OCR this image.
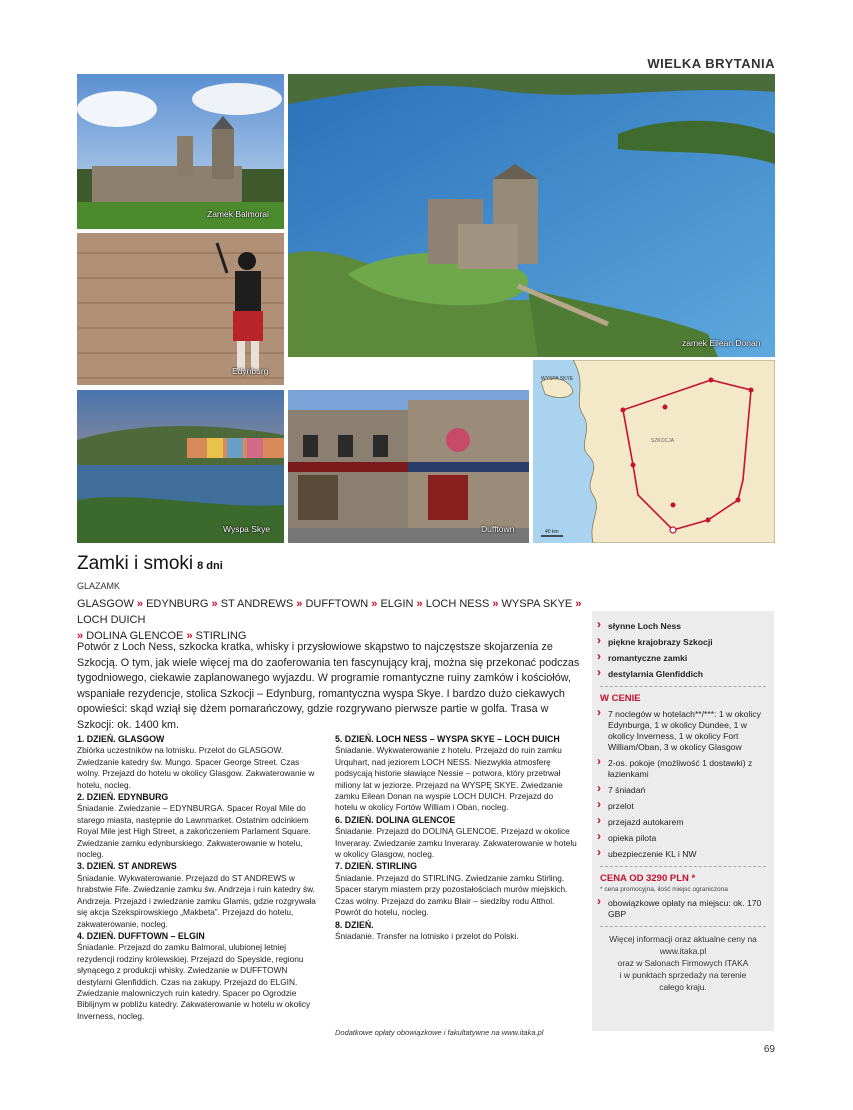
WIELKA BRYTANIA
Zamek Balmoral
zamek Eilean Donan
Edynburg
Wyspa Skye	Dufftown
WYSPA SKYE
SZKOCJA
40 km
Zamki i smoki 8 dni
GLAZAMK
GLASGOW » EDYNBURG » ST ANDREWS » DUFFTOWN » ELGIN » LOCH NESS » WYSPA SKYE » LOCH DUICH
» DOLINA GLENCOE » STIRLING
Potwór z Loch Ness, szkocka kratka, whisky i przysłowiowe skąpstwo to najczęstsze skojarzenia ze Szkocją. O tym, jak wiele więcej ma do zaoferowania ten fascynujący kraj, można się przekonać podczas tygodniowego, ciekawie zaplanowanego wyjazdu. W programie romantyczne ruiny zamków i kościołów, wspaniałe rezydencje, stolica Szkocji – Edynburg, romantyczna wyspa Skye. I bardzo dużo ciekawych opowieści: skąd wziął się dżem pomarańczowy, gdzie rozgrywano pierwsze partie w golfa. Trasa w Szkocji: ok. 1400 km.
1. DZIEŃ. GLASGOW
Zbiórka uczestników na lotnisku. Przelot do GLASGOW. Zwiedzanie katedry św. Mungo. Spacer George Street. Czas wolny. Przejazd do hotelu w okolicy Glasgow. Zakwaterowanie w hotelu, nocleg.
2. DZIEŃ. EDYNBURG
Śniadanie. Zwiedzanie – EDYNBURGA. Spacer Royal Mile do starego miasta, następnie do Lawnmarket. Ostatnim odcinkiem Royal Mile jest High Street, a zakończeniem Parlament Square. Zwiedzanie zamku edynburskiego. Zakwaterowanie w hotelu, nocleg.
3. DZIEŃ. ST ANDREWS
Śniadanie. Wykwaterowanie. Przejazd do ST ANDREWS w hrabstwie Fife. Zwiedzanie zamku św. Andrzeja i ruin katedry św. Andrzeja. Przejazd i zwiedzanie zamku Glamis, gdzie rozgrywała się akcja Szekspirowskiego „Makbeta”. Przejazd do hotelu, zakwaterowanie, nocleg.
4. DZIEŃ. DUFFTOWN – ELGIN
Śniadanie. Przejazd do zamku Balmoral, ulubionej letniej rezydencji rodziny królewskiej. Przejazd do Speyside, regionu słynącego z produkcji whisky. Zwiedzanie w DUFFTOWN destylarni Glenfiddich. Czas na zakupy. Przejazd do ELGIN. Zwiedzanie malowniczych ruin katedry. Spacer po Ogrodzie Biblijnym w pobliżu katedry. Zakwaterowanie w hotelu w okolicy Inverness, nocleg.
5. DZIEŃ. LOCH NESS – WYSPA SKYE – LOCH DUICH
Śniadanie. Wykwaterowanie z hotelu. Przejazd do ruin zamku Urquhart, nad jeziorem LOCH NESS. Niezwykła atmosferę podsycają historie sławiące Nessie – potwora, który przetrwał miliony lat w jeziorze. Przejazd na WYSPĘ SKYE. Zwiedzanie zamku Eilean Donan na wyspie LOCH DUICH. Przejazd do hotelu w okolicy Fortów William i Oban, nocleg.
6. DZIEŃ. DOLINA GLENCOE
Śniadanie. Przejazd do DOLINĄ GLENCOE. Przejazd w okolice Inveraray. Zwiedzanie zamku Inveraray. Zakwaterowanie w hotelu w okolicy Glasgow, nocleg.
7. DZIEŃ. STIRLING
Śniadanie. Przejazd do STIRLING. Zwiedzanie zamku Stirling. Spacer starym miastem przy pozostałościach murów miejskich. Czas wolny. Przejazd do zamku Blair – siedziby rodu Atthol. Powrót do hotelu, nocleg.
8. DZIEŃ.
Śniadanie. Transfer na lotnisko i przelot do Polski.
Dodatkowe opłaty obowiązkowe i fakultatywne na www.itaka.pl
› słynne Loch Ness
› piękne krajobrazy Szkocji
› romantyczne zamki
› destylarnia Glenfiddich
W CENIE
› 7 noclegów w hotelach**/***: 1 w okolicy Edynburga, 1 w okolicy Dundee, 1 w okolicy Inverness, 1 w okolicy Fort William/Oban, 3 w okolicy Glasgow
› 2-os. pokoje (możliwość 1 dostawki) z łazienkami
› 7 śniadań
› przelot
› przejazd autokarem
› opieka pilota
› ubezpieczenie KL i NW
CENA OD 3290 PLN *
* cena promocyjna, ilość miejsc ograniczona
› obowiązkowe opłaty na miejscu: ok. 170 GBP
Więcej informacji oraz aktualne ceny na
www.itaka.pl
oraz w Salonach Firmowych ITAKA
i w punktach sprzedaży na terenie
całego kraju.
69
